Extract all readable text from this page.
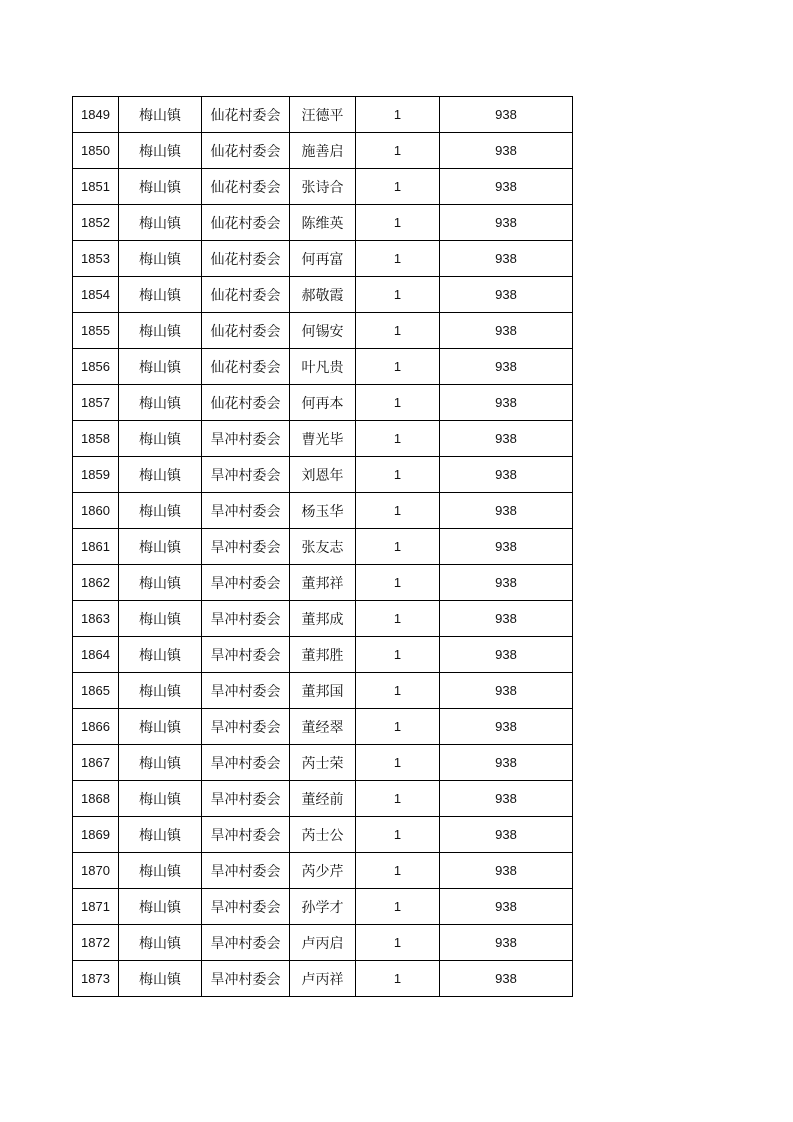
1849	梅山镇	仙花村委会	汪德平	1	938
1850	梅山镇	仙花村委会	施善启	1	938
1851	梅山镇	仙花村委会	张诗合	1	938
1852	梅山镇	仙花村委会	陈维英	1	938
1853	梅山镇	仙花村委会	何再富	1	938
1854	梅山镇	仙花村委会	郝敬霞	1	938
1855	梅山镇	仙花村委会	何锡安	1	938
1856	梅山镇	仙花村委会	叶凡贵	1	938
1857	梅山镇	仙花村委会	何再本	1	938
1858	梅山镇	旱冲村委会	曹光毕	1	938
1859	梅山镇	旱冲村委会	刘恩年	1	938
1860	梅山镇	旱冲村委会	杨玉华	1	938
1861	梅山镇	旱冲村委会	张友志	1	938
1862	梅山镇	旱冲村委会	董邦祥	1	938
1863	梅山镇	旱冲村委会	董邦成	1	938
1864	梅山镇	旱冲村委会	董邦胜	1	938
1865	梅山镇	旱冲村委会	董邦国	1	938
1866	梅山镇	旱冲村委会	董经翠	1	938
1867	梅山镇	旱冲村委会	芮士荣	1	938
1868	梅山镇	旱冲村委会	董经前	1	938
1869	梅山镇	旱冲村委会	芮士公	1	938
1870	梅山镇	旱冲村委会	芮少芹	1	938
1871	梅山镇	旱冲村委会	孙学才	1	938
1872	梅山镇	旱冲村委会	卢丙启	1	938
1873	梅山镇	旱冲村委会	卢丙祥	1	938
